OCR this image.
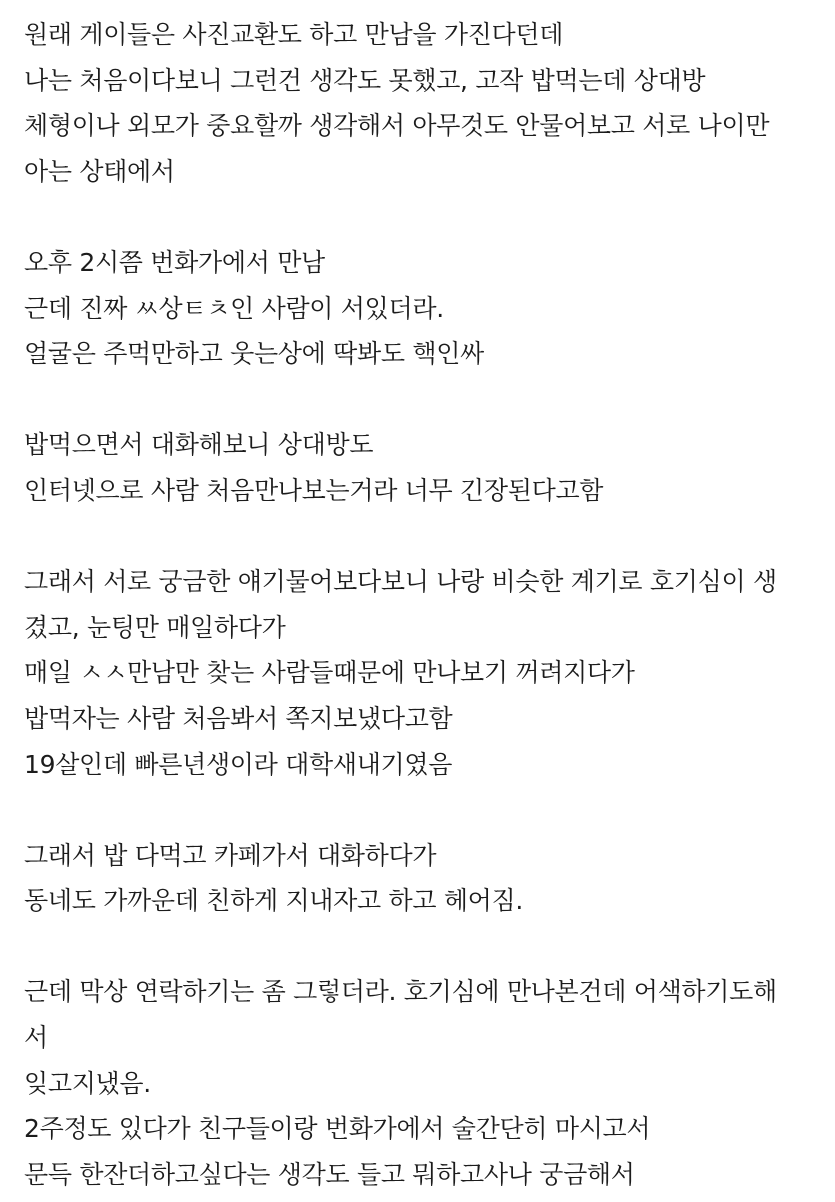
원래 게이들은 사진교환도 하고 만남을 가진다던데
나는 처음이다보니 그런건 생각도 못했고, 고작 밥먹는데 상대방
체형이나 외모가 중요할까 생각해서 아무것도 안물어보고 서로 나이만
아는 상태에서
오후 2시쯤 번화가에서 만남
근데 진짜 ㅆ상ㅌㅊ인 사람이 서있더라.
얼굴은 주먹만하고 웃는상에 딱봐도 핵인싸
밥먹으면서 대화해보니 상대방도
인터넷으로 사람 처음만나보는거라 너무 긴장된다고함
그래서 서로 궁금한 얘기물어보다보니 나랑 비슷한 계기로 호기심이 생
겼고, 눈팅만 매일하다가
매일 ㅅㅅ만남만 찾는 사람들때문에 만나보기 꺼려지다가
밥먹자는 사람 처음봐서 쪽지보냈다고함
19살인데 빠른년생이라 대학새내기였음
그래서 밥 다먹고 카페가서 대화하다가
동네도 가까운데 친하게 지내자고 하고 헤어짐.
근데 막상 연락하기는 좀 그렇더라. 호기심에 만나본건데 어색하기도해
서
잊고지냈음.
2주정도 있다가 친구들이랑 번화가에서 술간단히 마시고서
문득 한잔더하고싶다는 생각도 들고 뭐하고사나 궁금해서
